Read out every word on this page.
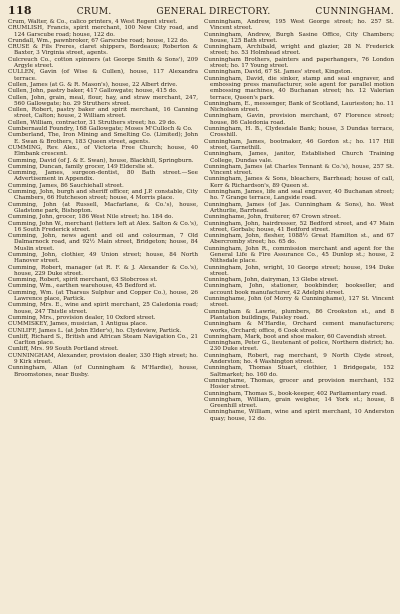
118	CRUM.	GENERAL DIRECTORY.	CUNNINGHAM.

Crum, Walter, & Co., calico printers, 4 West Regent street.

CRUMLISH, Francis, spirit merchant, 100 New City road, and 124 Garscube road; house, 122 do.

Crundall, Wm., pawnbroker, 67 Garscube road; house, 122 do.

CRUSE & Fils Freres, claret shippers, Bordeaux; Roberton & Baxter, 3 Virginia street, agents.

Culcreuch Co., cotton spinners (at George Smith & Sons'), 209 Argyle street.

CULLEN, Gavin (of Wise & Cullen), house, 117 Alexandra terrace.

Cullen, James (at G. & R. Mason's), house, 22 Albert drive.

Cullen, John, pastry baker, 417 Gallowgate; house, 415 do.

Cullen, John, grain, meal, flour, hay, and straw merchant, 247, 560 Gallowgate; ho. 29 Struthers street.

Cullen, Robert, pastry baker and spirit merchant, 16 Canning street, Calton; house, 2 William street.

Cullen, William, contractor, 31 Struthers street; ho. 29 do.

Cumbernauld Foundry, 168 Gallowgate; Moses M'Culloch & Co.

Cumberland, The, Iron Mining and Smelting Co. (Limited); John E. Swan & Brothers, 183 Queen street, agents.

CUMMING, Rev. Alex., of Victoria Free Church; house, 40 Elmbank crescent.

Cumming, David (of J. & E. Swan), house, Blackhill, Springburn.

Cumming, Duncan, family grocer, 149 Elderslie st.

Cumming, James, surgeon-dentist, 80 Bath street.—See Advertisement in Appendix.

Cumming, James, 86 Sauchiehall street.

Cumming, John, burgh and sheriff officer, and J.P. constable, City Chambers, 66 Hutcheson street; house, 4 Morris place.

Cumming, John (at Russell, Macfarlane, & Co.'s), house, Gladstone park, Bishopton.

Cumming, John, grocer, 186 West Nile street; ho. 184 do.

Cumming, John W., merchant (letters left at Alex. Salton & Co.'s), 16 South Frederick street.

Cumming, John, news agent and oil and colourman, 7 Old Dalmarnock road, and 92½ Main street, Bridgeton; house, 84 Muslin street.

Cumming, John, clothier, 49 Union street; house, 84 North Hanover street.

Cumming, Robert, manager (at R. F. & J. Alexander & Co.'s), house, 229 Duke street.

Cumming, Robert, spirit merchant, 63 Stobcross st.

Cumming, Wm., earthen warehouse, 45 Bedford st.

Cumming, Wm. (at Tharsus Sulphur and Copper Co.), house, 26 Lawrence place, Partick.

Cumming, Mrs. E., wine and spirit merchant, 25 Caledonia road; house, 247 Thistle street.

Cumming, Mrs., provision dealer, 10 Oxford street.

CUMMISKEY, James, musician, 1 Antigua place.

CUNLIFF, James L. (at John Elder's), ho. Clydeview, Partick.

Cunliff, Richard S., British and African Steam Navigation Co., 21 Carlton place.

Cunliff, Mrs. 99 South Portland street.

CUNNINGHAM, Alexander, provision dealer, 330 High street; ho. 9 Kirk street.

Cunningham, Allan (of Cunningham & M'Hardie), house, Broomstones, near Busby.

Cunningham, Andrew, 195 West George street; ho. 257 St. Vincent street.

Cunningham, Andrew, Burgh Sasine Office, City Chambers; house, 125 Bath street.

Cunningham, Archibald, wright and glazier, 28 N. Frederick street; ho. 53 Holmhead street.

Cunningham Brothers, painters and paperhangers, 76 London street; ho. 17 Young street.

Cunningham, David, 67 St. James' street, Kingston.

Cunningham, David, die sinker, stamp and seal engraver, and embossing press manufacturer, sole agent for parallel motion embossing machines, 40 Buchanan street; ho. 12 Valerian terrace, Queen's park.

Cunningham, E., messenger, Bank of Scotland, Laurieston; ho. 11 Nicholson street.

Cunningham, Gavin, provision merchant, 67 Florence street; house, 86 Caledonia road.

Cunningham, H. B., Clydesdale Bank; house, 3 Dundas terrace, Crosshill.

Cunningham, James, bootmaker, 46 Gordon st.; ho. 117 Hill street, Garnethill.

Cunningham, James, janitor, Established Church Training College, Dundas vale.

Cunningham, James (at Charles Tennant & Co.'s), house, 257 St. Vincent street.

Cunningham, James & Sons, bleachers, Barrhead; house of call, Kerr & Richardson's, 89 Queen st.

Cunningham, James, life and seal engraver, 40 Buchanan street; ho. 7 Grange terrace, Langside road.

Cunningham, James (of Jas. Cunningham & Sons), ho. West Arthurlie, Barrhead.

Cunninghame, John, fruiterer, 67 Crown street.

Cunningham, John, hairdresser, 52 Bedford street, and 47 Main street, Gorbals; house, 41 Bedford street.

Cunningham, John, flesher, 1088½ Great Hamilton st., and 67 Abercromby street; ho. 65 do.

Cunningham, John R., commission merchant and agent for the General Life & Fire Assurance Co., 45 Dunlop st.; house, 2 Nithsdale place.

Cunningham, John, wright, 10 George street; house, 194 Duke street.

Cunningham, John, dairyman, 13 Glebe street.

Cunningham, John, stationer, bookbinder, bookseller, and account book manufacturer, 42 Adelphi street.

Cunninghame, John (of Morry & Cunninghame), 127 St. Vincent street.

Cunningham & Lawrie, plumbers, 86 Crookston st., and 8 Plantation buildings, Paisley road.

Cunningham & M'Hardie, Orchard cement manufacturers; works, Orchard; office, 6 Cook street.

Cunningham, Mark, boot and shoe maker, 60 Cavendish street.

Cunningham, Peter G., lieutenant of police, Northern district; ho. 230 Duke street.

Cunningham, Robert, rag merchant, 9 North Clyde street, Anderston; ho. 4 Washington street.

Cunningham, Thomas Stuart, clothier, 1 Bridgegate, 152 Saltmarket; ho. 160 do.

Cunninghame, Thomas, grocer and provision merchant, 152 Hosier street.

Cunningham, Thomas S., book-keeper, 402 Parliamentary road.

Cunningham, William, grain weigher, 14 York st.; house, 8 Greenhill street.

Cunninghame, William, wine and spirit merchant, 10 Anderston quay; house, 12 do.
